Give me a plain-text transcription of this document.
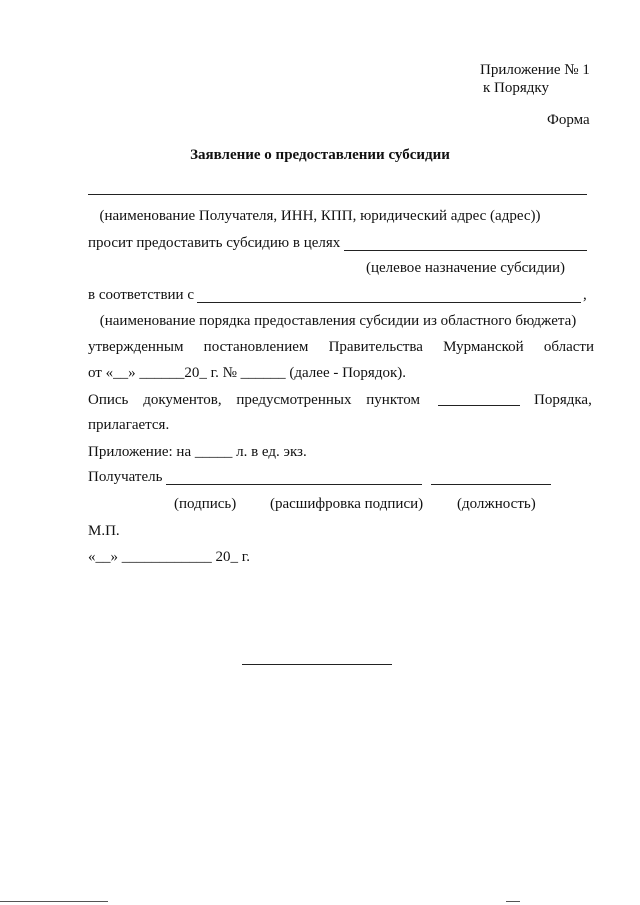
Приложение № 1
к Порядку
Форма
Заявление о предоставлении субсидии
(наименование Получателя, ИНН, КПП, юридический адрес (адрес))
просит предоставить субсидию в целях
(целевое назначение субсидии)
в соответствии с	,
(наименование порядка предоставления субсидии из областного бюджета)
утвержденным постановлением Правительства Мурманской области
от «__» ______20_ г. № ______ (далее - Порядок).
Опись документов, предусмотренных пунктом	Порядка,
прилагается.
Приложение: на _____ л. в ед. экз.
Получатель
(подпись) (расшифровка подписи) (должность)
М.П.
«__» ____________ 20_ г.
